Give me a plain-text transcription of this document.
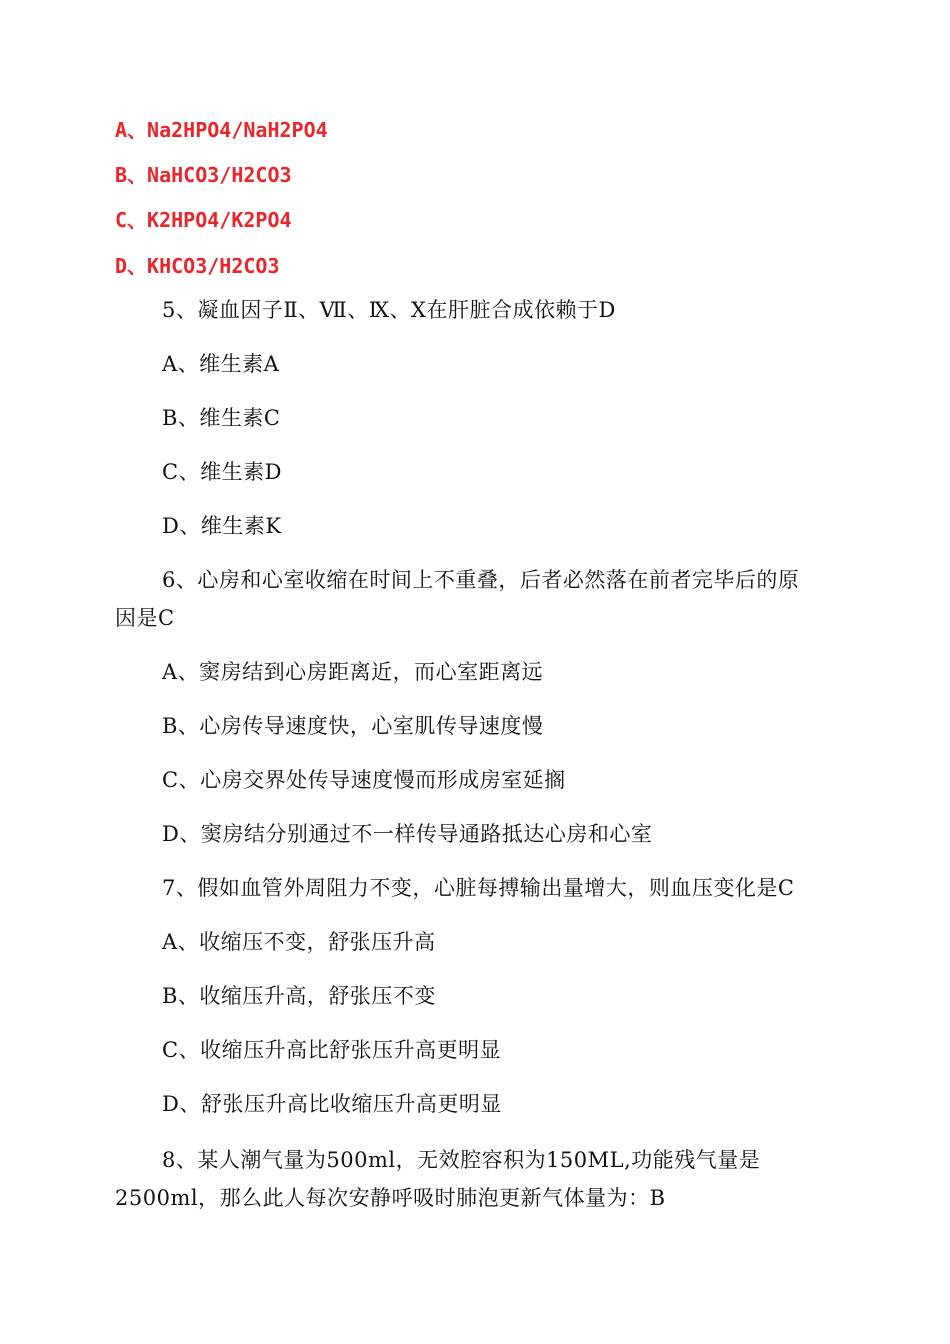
A、Na2HPO4/NaH2PO4
B、NaHCO3/H2CO3
C、K2HPO4/K2PO4
D、KHCO3/H2CO3
5、凝血因子Ⅱ、Ⅶ、Ⅸ、Ⅹ在肝脏合成依赖于D
A、维生素A
B、维生素C
C、维生素D
D、维生素K
6、心房和心室收缩在时间上不重叠，后者必然落在前者完毕后的原
因是C
A、窦房结到心房距离近，而心室距离远
B、心房传导速度快，心室肌传导速度慢
C、心房交界处传导速度慢而形成房室延搁
D、窦房结分别通过不一样传导通路抵达心房和心室
7、假如血管外周阻力不变，心脏每搏输出量增大，则血压变化是C
A、收缩压不变，舒张压升高
B、收缩压升高，舒张压不变
C、收缩压升高比舒张压升高更明显
D、舒张压升高比收缩压升高更明显
8、某人潮气量为500ml，无效腔容积为150ML,功能残气量是
2500ml，那么此人每次安静呼吸时肺泡更新气体量为：B
